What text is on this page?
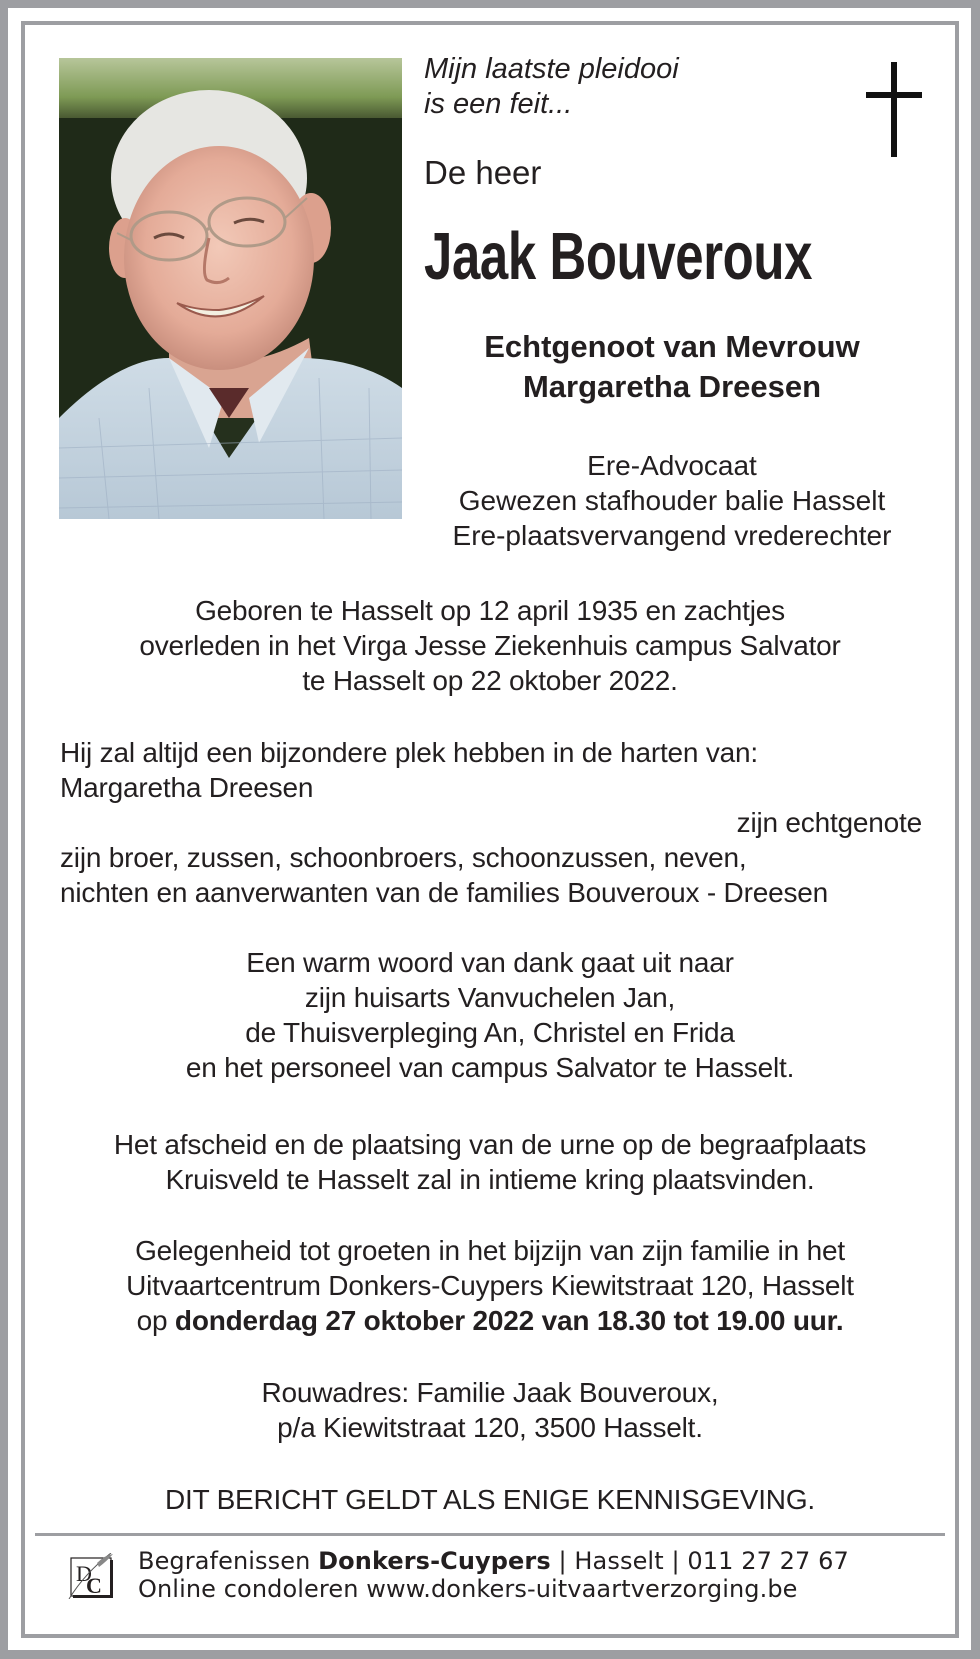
Mijn laatste pleidooi
is een feit...
De heer
Jaak Bouveroux
Echtgenoot van Mevrouw
Margaretha Dreesen
Ere-Advocaat
Gewezen stafhouder balie Hasselt
Ere-plaatsvervangend vrederechter
Geboren te Hasselt op 12 april 1935 en zachtjes
overleden in het Virga Jesse Ziekenhuis campus Salvator
te Hasselt op 22 oktober 2022.
Hij zal altijd een bijzondere plek hebben in de harten van:
Margaretha Dreesen
zijn echtgenote
zijn broer, zussen, schoonbroers, schoonzussen, neven,
nichten en aanverwanten van de families Bouveroux - Dreesen
Een warm woord van dank gaat uit naar
zijn huisarts Vanvuchelen Jan,
de Thuisverpleging An, Christel en Frida
en het personeel van campus Salvator te Hasselt.
Het afscheid en de plaatsing van de urne op de begraafplaats
Kruisveld te Hasselt zal in intieme kring plaatsvinden.
Gelegenheid tot groeten in het bijzijn van zijn familie in het
Uitvaartcentrum Donkers-Cuypers Kiewitstraat 120, Hasselt
op donderdag 27 oktober 2022 van 18.30 tot 19.00 uur.
Rouwadres: Familie Jaak Bouveroux,
p/a Kiewitstraat 120, 3500 Hasselt.
DIT BERICHT GELDT ALS ENIGE KENNISGEVING.
D
C
Begrafenissen Donkers-Cuypers | Hasselt | 011 27 27 67
Online condoleren www.donkers-uitvaartverzorging.be
